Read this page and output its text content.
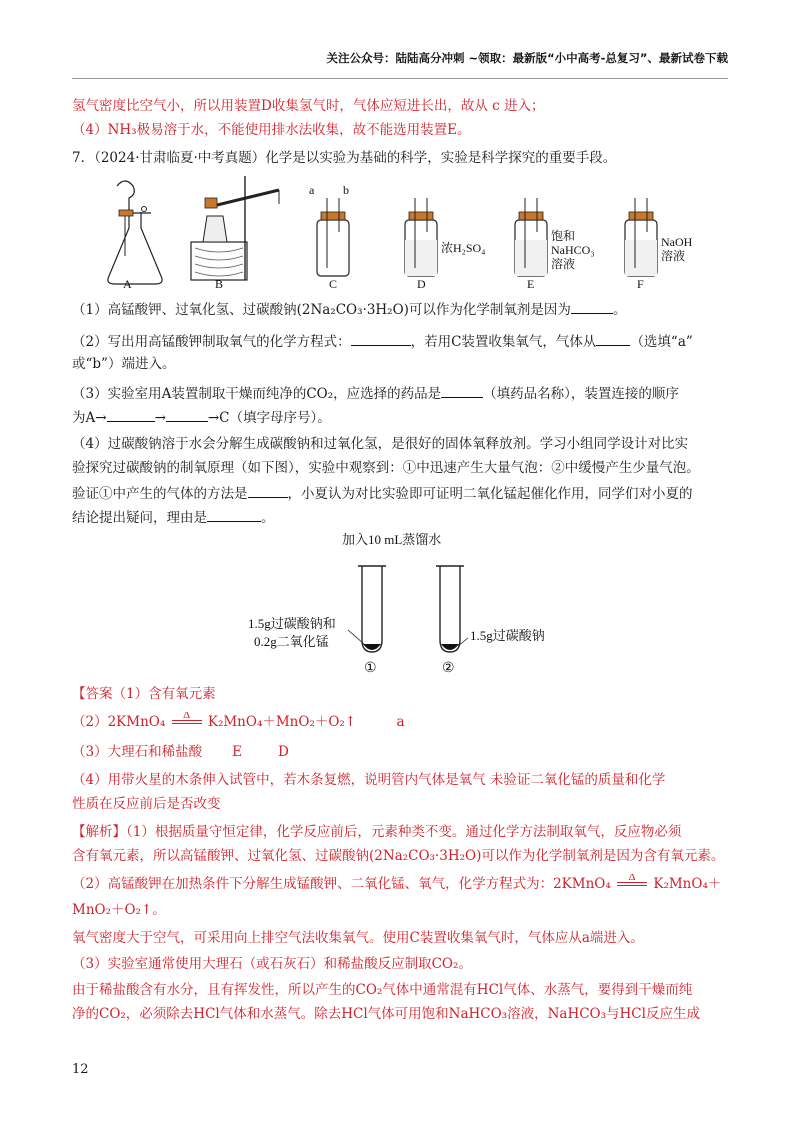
关注公众号：陆陆高分冲刺 ~领取：最新版“小中高考-总复习”、最新试卷下载
氢气密度比空气小，所以用装置D收集氢气时，气体应短进长出，故从 c 进入；
（4）NH₃极易溶于水，不能使用排水法收集，故不能选用装置E。
7．（2024·甘肃临夏·中考真题）化学是以实验为基础的科学，实验是科学探究的重要手段。
A	B
a b
C
浓H₂SO₄
D
饱和
NaHCO₃
溶液
E
NaOH
溶液
F
（1）高锰酸钾、过氧化氢、过碳酸钠(2Na₂CO₃·3H₂O)可以作为化学制氧剂是因为	。
（2）写出用高锰酸钾制取氧气的化学方程式：	，若用C装置收集氧气，气体从	（选填“a”
或“b”）端进入。
（3）实验室用A装置制取干燥而纯净的CO₂，应选择的药品是	（填药品名称），装置连接的顺序
为A→	→	→C（填字母序号）。
（4）过碳酸钠溶于水会分解生成碳酸钠和过氧化氢，是很好的固体氧释放剂。学习小组同学设计对比实
验探究过碳酸钠的制氧原理（如下图），实验中观察到：①中迅速产生大量气泡：②中缓慢产生少量气泡。
验证①中产生的气体的方法是	，小夏认为对比实验即可证明二氧化锰起催化作用，同学们对小夏的
结论提出疑问，理由是	。
加入10 mL蒸馏水
1.5g过碳酸钠和
0.2g二氧化锰	1.5g过碳酸钠
①	②
【答案（1）含有氧元素
（2）2KMnO₄	Δ	K₂MnO₄＋MnO₂＋O₂↑	a
（3）大理石和稀盐酸 E	D
（4）用带火星的木条伸入试管中，若木条复燃，说明管内气体是氧气 未验证二氧化锰的质量和化学
性质在反应前后是否改变
【解析】（1）根据质量守恒定律，化学反应前后，元素种类不变。通过化学方法制取氧气，反应物必须
含有氧元素，所以高锰酸钾、过氧化氢、过碳酸钠(2Na₂CO₃·3H₂O)可以作为化学制氧剂是因为含有氧元素。
（2）高锰酸钾在加热条件下分解生成锰酸钾、二氧化锰、氧气，化学方程式为：2KMnO₄	Δ	K₂MnO₄＋
MnO₂＋O₂↑。
氧气密度大于空气，可采用向上排空气法收集氧气。使用C装置收集氧气时，气体应从a端进入。
（3）实验室通常使用大理石（或石灰石）和稀盐酸反应制取CO₂。
由于稀盐酸含有水分，且有挥发性，所以产生的CO₂气体中通常混有HCl气体、水蒸气，要得到干燥而纯
净的CO₂，必须除去HCl气体和水蒸气。除去HCl气体可用饱和NaHCO₃溶液，NaHCO₃与HCl反应生成
12
